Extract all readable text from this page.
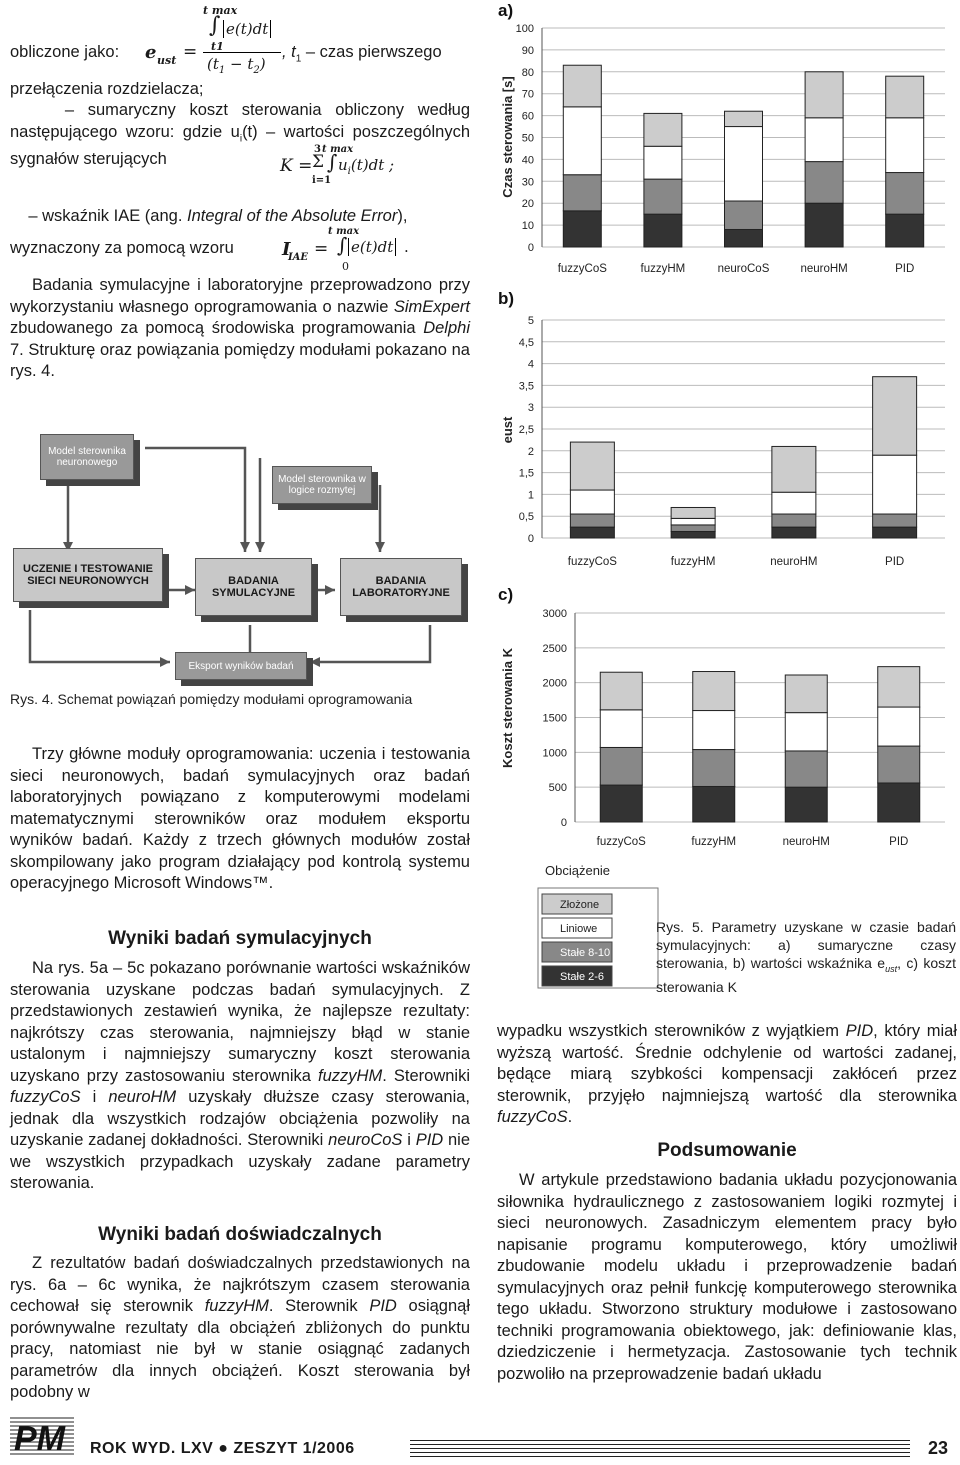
obliczone jako: e ust =
t max
∫ e(t)dt
t1
$(t_1 - t_2)$
, $t_1$ – czas pierwszego
przełączenia rozdzielacza;
– sumaryczny koszt sterowania obliczony według następującego wzoru: gdzie $u_i(t)$ – wartości poszczególnych sygnałów sterujących	K =
3 t max
Σ ∫ $u_i(t)dt$ ;
i=1
– wskaźnik IAE (ang. Integral of the Absolute Error),
wyznaczony za pomocą wzoru	I
IAE =
t max
∫ e(t)dt .
0
Badania symulacyjne i laboratoryjne przeprowadzono przy wykorzystaniu własnego oprogramowania o nazwie SimExpert zbudowanego za pomocą środowiska programowania Delphi 7. Strukturę oraz powiązania pomiędzy modułami pokazano na rys. 4.
Model sterownika neuronowego
Model sterownika w logice rozmytej
UCZENIE I TESTOWANIE SIECI NEURONOWYCH	BADANIA SYMULACYJNE
BADANIA LABORATORYJNE
Eksport wyników badań
Rys. 4. Schemat powiązań pomiędzy modułami oprogramowania
Trzy główne moduły oprogramowania: uczenia i testowania sieci neuronowych, badań symulacyjnych oraz badań laboratoryjnych powiązano z komputerowymi modelami matematycznymi sterowników oraz modułem eksportu wyników badań. Każdy z trzech głównych modułów został skompilowany jako program działający pod kontrolą systemu operacyjnego Microsoft Windows™.
Wyniki badań symulacyjnych
Na rys. 5a – 5c pokazano porównanie wartości wskaźników sterowania uzyskane podczas badań symulacyjnych. Z przedstawionych zestawień wynika, że najlepsze rezultaty: najkrótszy czas sterowania, najmniejszy błąd w stanie ustalonym i najmniejszy sumaryczny koszt sterowania uzyskano przy zastosowaniu sterownika fuzzyHM. Sterowniki fuzzyCoS i neuroHM uzyskały dłuższe czasy sterowania, jednak dla wszystkich rodzajów obciążenia pozwoliły na uzyskanie zadanej dokładności. Sterowniki neuroCoS i PID nie we wszystkich przypadkach uzyskały zadane parametry sterowania.
Wyniki badań doświadczalnych
Z rezultatów badań doświadczalnych przedstawionych na rys. 6a – 6c wynika, że najkrótszym czasem sterowania cechował się sterownik fuzzyHM. Sterownik PID osiągnął porównywalne rezultaty dla obciążeń zbliżonych do punktu pracy, natomiast nie był w stanie osiągnąć zadanych parametrów dla innych obciążeń. Koszt sterowania był podobny w
a)
0
10
20
30
40
50
60
70
80
90
100
Czas sterowania [s]
fuzzyCoS	fuzzyHM	neuroCoS	neuroHM	PID
b)
0
0,5
1
1,5
2
2,5
3
3,5
4
4,5
5
eust
fuzzyCoS	fuzzyHM	neuroHM	PID
c)
0
500
1000
1500
2000
2500
3000
Koszt sterowania K
fuzzyCoS	fuzzyHM	neuroHM	PID
Obciążenie
Złożone
Liniowe
Stałe 8-10
Stałe 2-6
Rys. 5. Parametry uzyskane w czasie badań symulacyjnych: a) sumaryczne czasy sterowania, b) wartości wskaźnika $e_{ust}$, c) koszt sterowania K
wypadku wszystkich sterowników z wyjątkiem PID, który miał wyższą wartość. Średnie odchylenie od wartości zadanej, będące miarą szybkości kompensacji zakłóceń przez sterownik, przyjęło najmniejszą wartość dla sterownika fuzzyCoS.
Podsumowanie
W artykule przedstawiono badania układu pozycjonowania siłownika hydraulicznego z zastosowaniem logiki rozmytej i sieci neuronowych. Zasadniczym elementem pracy było napisanie programu komputerowego, który umożliwił zbudowanie modelu układu i przeprowadzenie badań symulacyjnych oraz pełnił funkcję komputerowego sterownika tego układu. Stworzono struktury modułowe i zastosowano techniki programowania obiektowego, jak: definiowanie klas, dziedziczenie i hermetyzacja. Zastosowanie tych technik pozwoliło na przeprowadzenie badań układu
PM ROK WYD. LXV ● ZESZYT 1/2006	23
